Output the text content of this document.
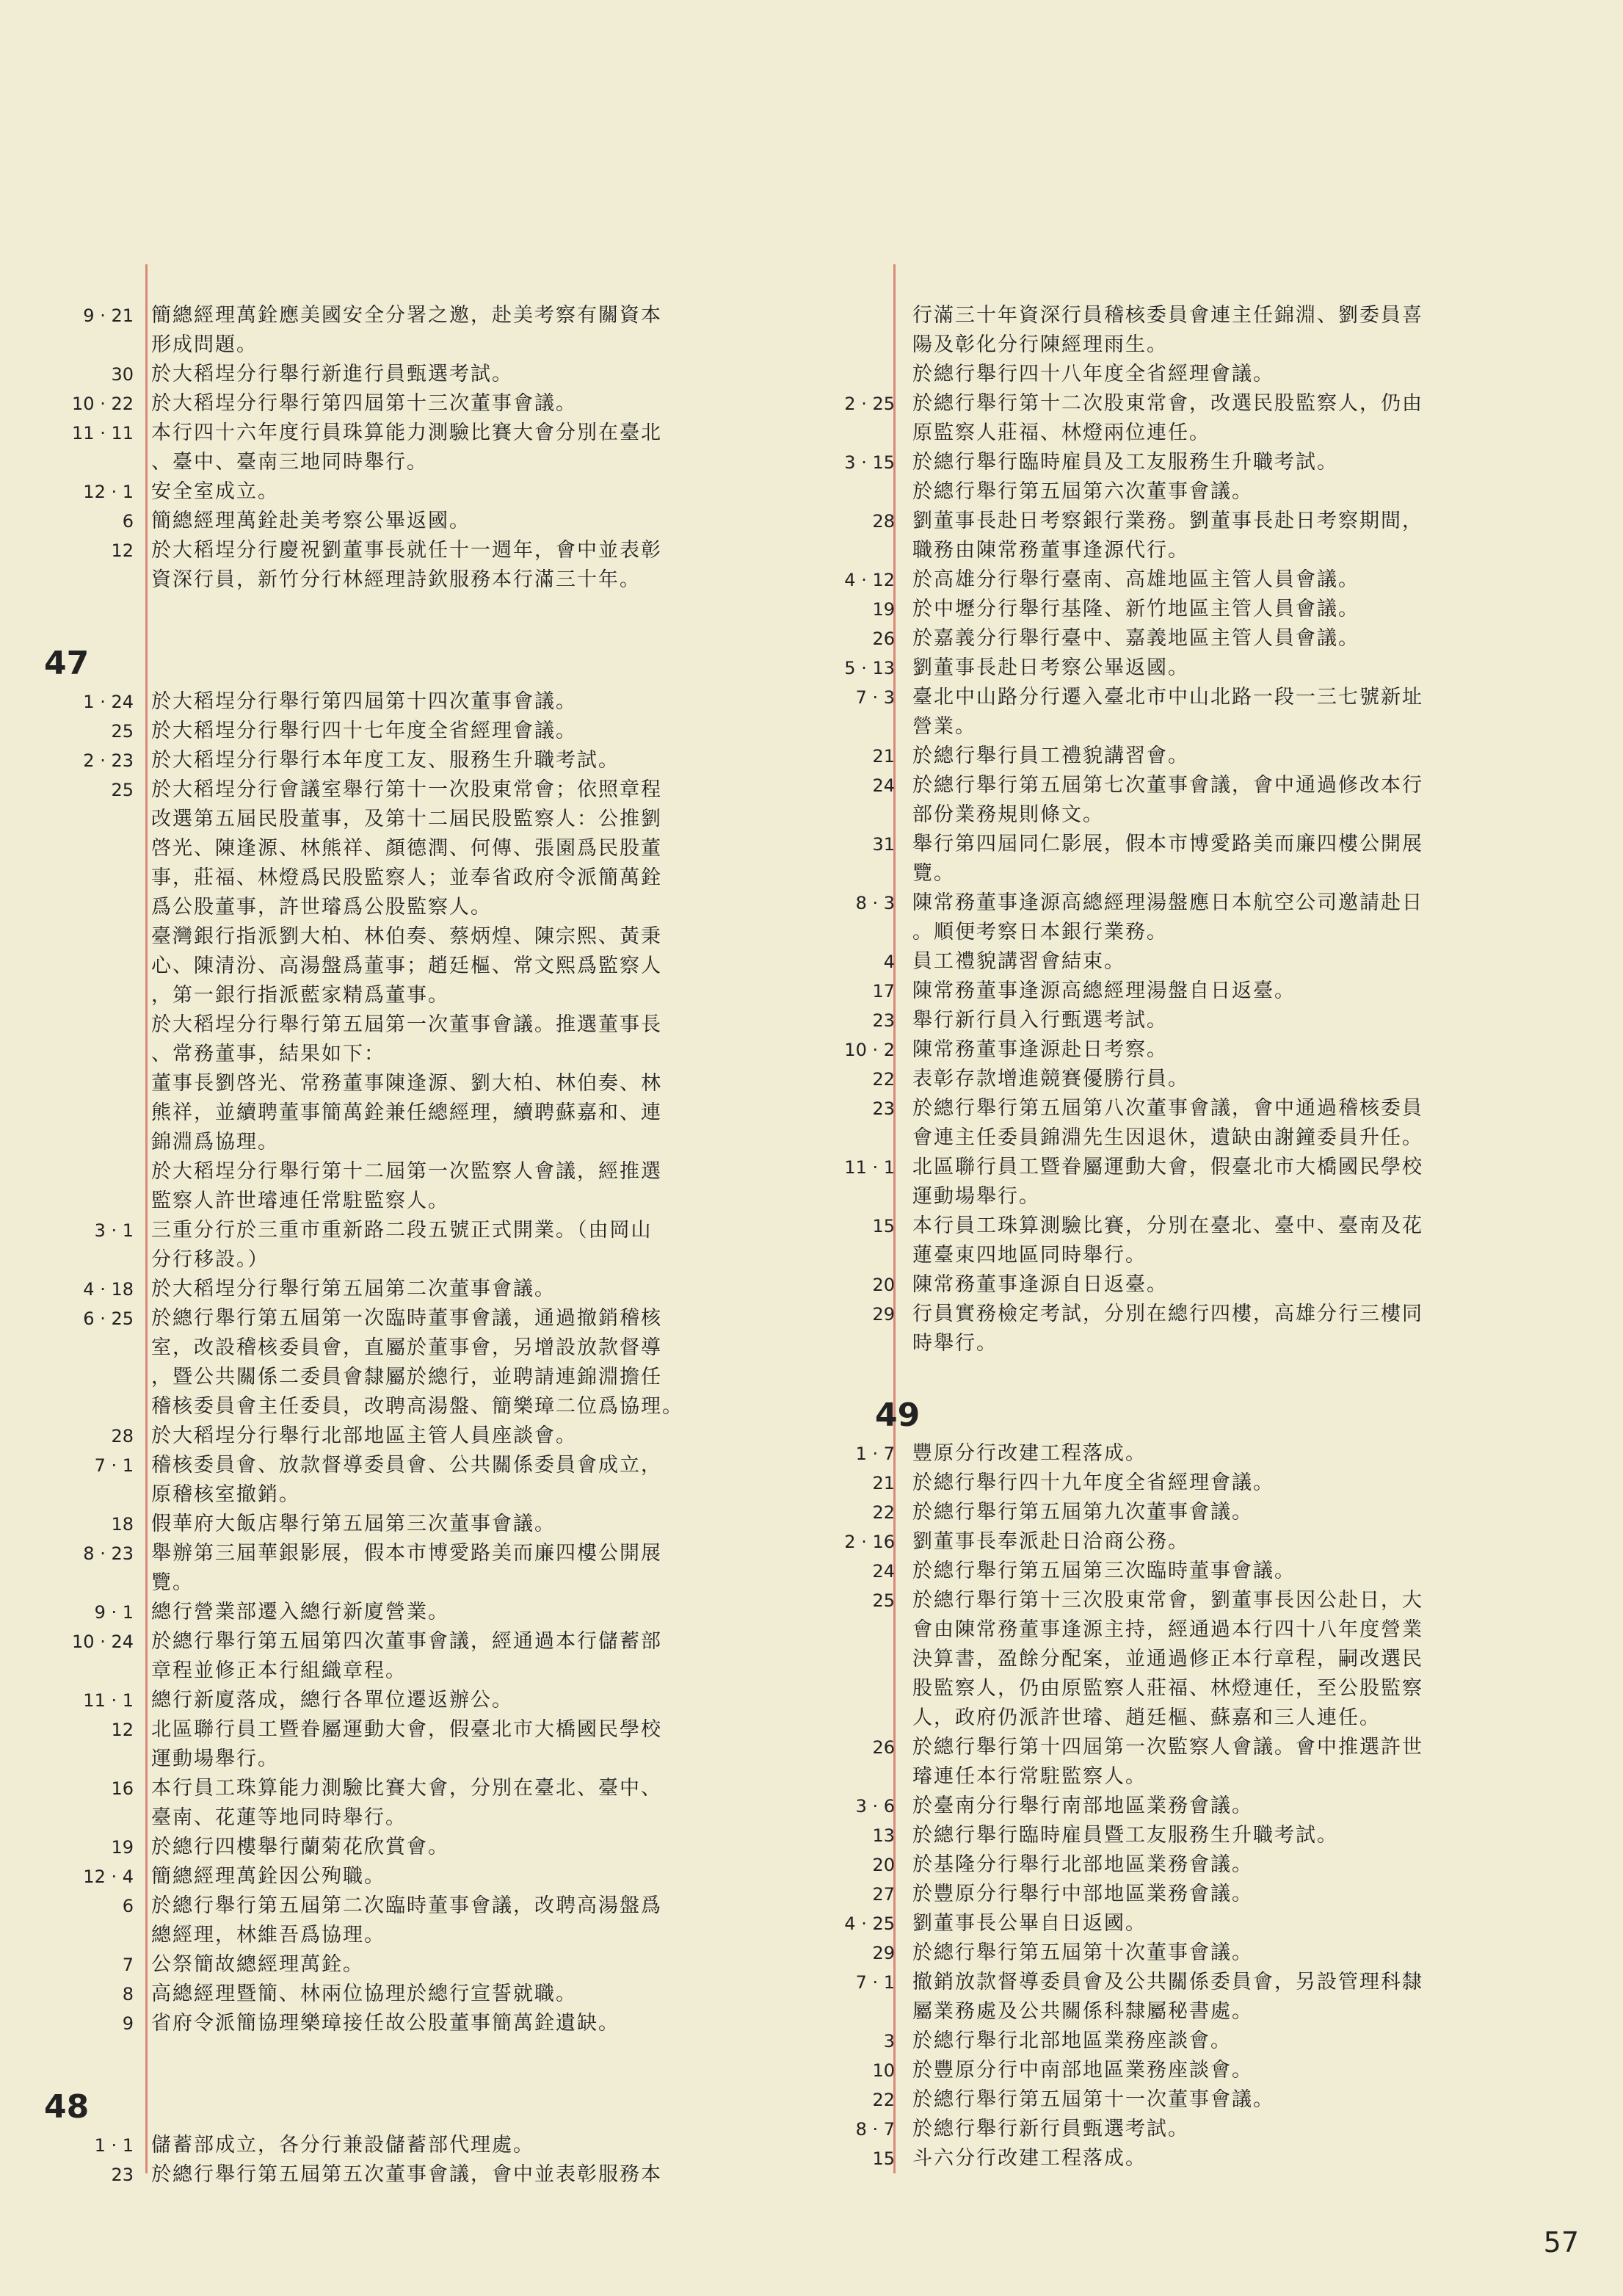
9 · 21 簡總經理萬銓應美國安全分署之邀，赴美考察有關資本
形成問題。
30 於大稻埕分行舉行新進行員甄選考試。
10 · 22 於大稻埕分行舉行第四屆第十三次董事會議。
11 · 11 本行四十六年度行員珠算能力測驗比賽大會分別在臺北
、臺中、臺南三地同時舉行。
12 · 1 安全室成立。
6 簡總經理萬銓赴美考察公畢返國。
12 於大稻埕分行慶祝劉董事長就任十一週年，會中並表彰
資深行員，新竹分行林經理詩欽服務本行滿三十年。
47
1 · 24 於大稻埕分行舉行第四屆第十四次董事會議。
25 於大稻埕分行舉行四十七年度全省經理會議。
2 · 23 於大稻埕分行舉行本年度工友、服務生升職考試。
25 於大稻埕分行會議室舉行第十一次股東常會；依照章程
改選第五屆民股董事，及第十二屆民股監察人：公推劉
啓光、陳逢源、林熊祥、顏德潤、何傳、張園爲民股董
事，莊福、林燈爲民股監察人；並奉省政府令派簡萬銓
爲公股董事，許世璿爲公股監察人。
臺灣銀行指派劉大柏、林伯奏、蔡炳煌、陳宗熙、黃秉
心、陳清汾、高湯盤爲董事；趙廷樞、常文熙爲監察人
，第一銀行指派藍家精爲董事。
於大稻埕分行舉行第五屆第一次董事會議。推選董事長
、常務董事，結果如下：
董事長劉啓光、常務董事陳逢源、劉大柏、林伯奏、林
熊祥，並續聘董事簡萬銓兼任總經理，續聘蘇嘉和、連
錦淵爲協理。
於大稻埕分行舉行第十二屆第一次監察人會議，經推選
監察人許世璿連任常駐監察人。
3 · 1 三重分行於三重市重新路二段五號正式開業。（由岡山
分行移設。）
4 · 18 於大稻埕分行舉行第五屆第二次董事會議。
6 · 25 於總行舉行第五屆第一次臨時董事會議，通過撤銷稽核
室，改設稽核委員會，直屬於董事會，另增設放款督導
，暨公共關係二委員會隸屬於總行，並聘請連錦淵擔任
稽核委員會主任委員，改聘高湯盤、簡樂璋二位爲協理。
28 於大稻埕分行舉行北部地區主管人員座談會。
7 · 1 稽核委員會、放款督導委員會、公共關係委員會成立，
原稽核室撤銷。
18 假華府大飯店舉行第五屆第三次董事會議。
8 · 23 舉辦第三屆華銀影展，假本市博愛路美而廉四樓公開展
覽。
9 · 1 總行營業部遷入總行新廈營業。
10 · 24 於總行舉行第五屆第四次董事會議，經通過本行儲蓄部
章程並修正本行組織章程。
11 · 1 總行新廈落成，總行各單位遷返辦公。
12 北區聯行員工暨眷屬運動大會，假臺北市大橋國民學校
運動場舉行。
16 本行員工珠算能力測驗比賽大會，分別在臺北、臺中、
臺南、花蓮等地同時舉行。
19 於總行四樓舉行蘭菊花欣賞會。
12 · 4 簡總經理萬銓因公殉職。
6 於總行舉行第五屆第二次臨時董事會議，改聘高湯盤爲
總經理，林維吾爲協理。
7 公祭簡故總經理萬銓。
8 高總經理暨簡、林兩位協理於總行宣誓就職。
9 省府令派簡協理樂璋接任故公股董事簡萬銓遺缺。
48
1 · 1 儲蓄部成立，各分行兼設儲蓄部代理處。
23 於總行舉行第五屆第五次董事會議，會中並表彰服務本
行滿三十年資深行員稽核委員會連主任錦淵、劉委員喜
陽及彰化分行陳經理雨生。
於總行舉行四十八年度全省經理會議。
2 · 25 於總行舉行第十二次股東常會，改選民股監察人，仍由
原監察人莊福、林燈兩位連任。
3 · 15 於總行舉行臨時雇員及工友服務生升職考試。
於總行舉行第五屆第六次董事會議。
28 劉董事長赴日考察銀行業務。劉董事長赴日考察期間，
職務由陳常務董事逢源代行。
4 · 12 於高雄分行舉行臺南、高雄地區主管人員會議。
19 於中壢分行舉行基隆、新竹地區主管人員會議。
26 於嘉義分行舉行臺中、嘉義地區主管人員會議。
5 · 13 劉董事長赴日考察公畢返國。
7 · 3 臺北中山路分行遷入臺北市中山北路一段一三七號新址
營業。
21 於總行舉行員工禮貌講習會。
24 於總行舉行第五屆第七次董事會議，會中通過修改本行
部份業務規則條文。
31 舉行第四屆同仁影展，假本市博愛路美而廉四樓公開展
覽。
8 · 3 陳常務董事逢源高總經理湯盤應日本航空公司邀請赴日
。順便考察日本銀行業務。
4 員工禮貌講習會結束。
17 陳常務董事逢源高總經理湯盤自日返臺。
23 舉行新行員入行甄選考試。
10 · 2 陳常務董事逢源赴日考察。
22 表彰存款增進競賽優勝行員。
23 於總行舉行第五屆第八次董事會議，會中通過稽核委員
會連主任委員錦淵先生因退休，遺缺由謝鐘委員升任。
11 · 1 北區聯行員工暨眷屬運動大會，假臺北市大橋國民學校
運動場舉行。
15 本行員工珠算測驗比賽，分別在臺北、臺中、臺南及花
蓮臺東四地區同時舉行。
20 陳常務董事逢源自日返臺。
29 行員實務檢定考試，分別在總行四樓，高雄分行三樓同
時舉行。
49
1 · 7 豐原分行改建工程落成。
21 於總行舉行四十九年度全省經理會議。
22 於總行舉行第五屆第九次董事會議。
2 · 16 劉董事長奉派赴日洽商公務。
24 於總行舉行第五屆第三次臨時董事會議。
25 於總行舉行第十三次股東常會，劉董事長因公赴日，大
會由陳常務董事逢源主持，經通過本行四十八年度營業
決算書，盈餘分配案，並通過修正本行章程，嗣改選民
股監察人，仍由原監察人莊福、林燈連任，至公股監察
人，政府仍派許世璿、趙廷樞、蘇嘉和三人連任。
26 於總行舉行第十四屆第一次監察人會議。會中推選許世
璿連任本行常駐監察人。
3 · 6 於臺南分行舉行南部地區業務會議。
13 於總行舉行臨時雇員暨工友服務生升職考試。
20 於基隆分行舉行北部地區業務會議。
27 於豐原分行舉行中部地區業務會議。
4 · 25 劉董事長公畢自日返國。
29 於總行舉行第五屆第十次董事會議。
7 · 1 撤銷放款督導委員會及公共關係委員會，另設管理科隸
屬業務處及公共關係科隸屬秘書處。
3 於總行舉行北部地區業務座談會。
10 於豐原分行中南部地區業務座談會。
22 於總行舉行第五屆第十一次董事會議。
8 · 7 於總行舉行新行員甄選考試。
15 斗六分行改建工程落成。
57
